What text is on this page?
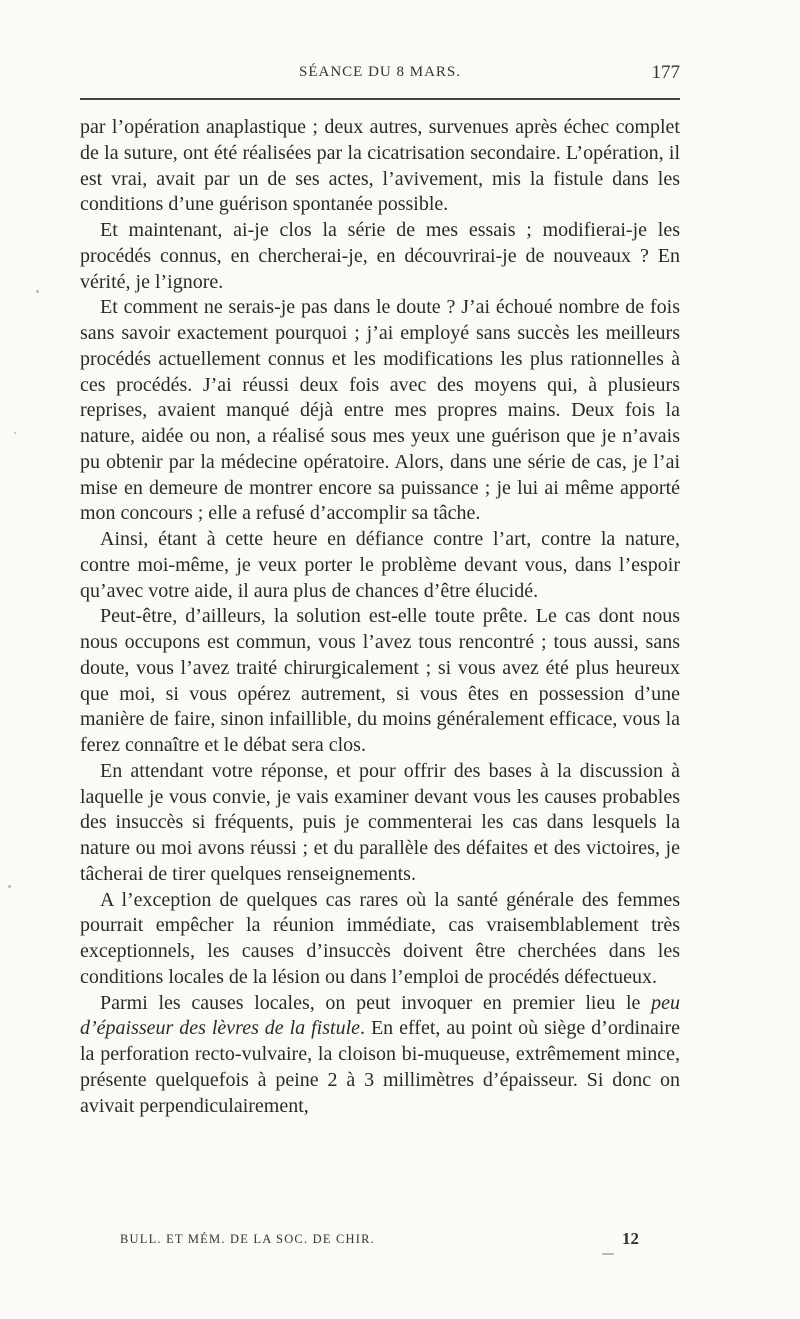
SÉANCE DU 8 MARS.	177

par l’opération anaplastique ; deux autres, survenues après échec complet de la suture, ont été réalisées par la cicatrisation secondaire. L’opération, il est vrai, avait par un de ses actes, l’avivement, mis la fistule dans les conditions d’une guérison spontanée possible.

Et maintenant, ai-je clos la série de mes essais ; modifierai-je les procédés connus, en chercherai-je, en découvrirai-je de nouveaux ? En vérité, je l’ignore.

Et comment ne serais-je pas dans le doute ? J’ai échoué nombre de fois sans savoir exactement pourquoi ; j’ai employé sans succès les meilleurs procédés actuellement connus et les modifications les plus rationnelles à ces procédés. J’ai réussi deux fois avec des moyens qui, à plusieurs reprises, avaient manqué déjà entre mes propres mains. Deux fois la nature, aidée ou non, a réalisé sous mes yeux une guérison que je n’avais pu obtenir par la médecine opératoire. Alors, dans une série de cas, je l’ai mise en demeure de montrer encore sa puissance ; je lui ai même apporté mon concours ; elle a refusé d’accomplir sa tâche.

Ainsi, étant à cette heure en défiance contre l’art, contre la nature, contre moi-même, je veux porter le problème devant vous, dans l’espoir qu’avec votre aide, il aura plus de chances d’être élucidé.

Peut-être, d’ailleurs, la solution est-elle toute prête. Le cas dont nous nous occupons est commun, vous l’avez tous rencontré ; tous aussi, sans doute, vous l’avez traité chirurgicalement ; si vous avez été plus heureux que moi, si vous opérez autrement, si vous êtes en possession d’une manière de faire, sinon infaillible, du moins généralement efficace, vous la ferez connaître et le débat sera clos.

En attendant votre réponse, et pour offrir des bases à la discussion à laquelle je vous convie, je vais examiner devant vous les causes probables des insuccès si fréquents, puis je commenterai les cas dans lesquels la nature ou moi avons réussi ; et du parallèle des défaites et des victoires, je tâcherai de tirer quelques renseignements.

A l’exception de quelques cas rares où la santé générale des femmes pourrait empêcher la réunion immédiate, cas vraisemblablement très exceptionnels, les causes d’insuccès doivent être cherchées dans les conditions locales de la lésion ou dans l’emploi de procédés défectueux.

Parmi les causes locales, on peut invoquer en premier lieu le peu d’épaisseur des lèvres de la fistule. En effet, au point où siège d’ordinaire la perforation recto-vulvaire, la cloison bi-muqueuse, extrêmement mince, présente quelquefois à peine 2 à 3 millimètres d’épaisseur. Si donc on avivait perpendiculairement,

BULL. ET MÉM. DE LA SOC. DE CHIR.	12
